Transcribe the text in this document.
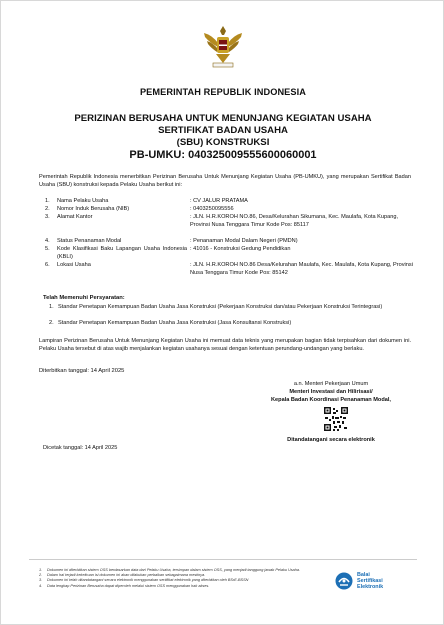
PEMERINTAH REPUBLIK INDONESIA
PERIZINAN BERUSAHA UNTUK MENUNJANG KEGIATAN USAHA
SERTIFIKAT BADAN USAHA
(SBU) KONSTRUKSI
PB-UMKU: 040325009555600060001
Pemerintah Republik Indonesia menerbitkan Perizinan Berusaha Untuk Menunjang Kegiatan Usaha (PB-UMKU), yang merupakan Sertifikat Badan Usaha (SBU) konstruksi kepada Pelaku Usaha berikut ini:
1.	Nama Pelaku Usaha	: CV JALUR PRATAMA
2.	Nomor Induk Berusaha (NIB)	: 0403250095556
3.	Alamat Kantor	: JLN. H.R.KOROH NO.86, Desa/Kelurahan Sikumana, Kec. Maulafa, Kota Kupang, Provinsi Nusa Tenggara Timur Kode Pos: 85117
4.	Status Penanaman Modal	: Penanaman Modal Dalam Negeri (PMDN)
5.	Kode Klasifikasi Baku Lapangan Usaha Indonesia (KBLI)
: 41016 - Konstruksi Gedung Pendidikan
6.	Lokasi Usaha	: JLN. H.R.KOROH NO.86 Desa/Kelurahan Maulafa, Kec. Maulafa, Kota Kupang, Provinsi Nusa Tenggara Timur Kode Pos: 85142
Telah Memenuhi Persyaratan:
1. Standar Penetapan Kemampuan Badan Usaha Jasa Konstruksi (Pekerjaan Konstruksi dan/atau Pekerjaan Konstruksi Terintegrasi)
2. Standar Penetapan Kemampuan Badan Usaha Jasa Konstruksi (Jasa Konsultansi Konstruksi)
Lampiran Perizinan Berusaha Untuk Menunjang Kegiatan Usaha ini memuat data teknis yang merupakan bagian tidak terpisahkan dari dokumen ini. Pelaku Usaha tersebut di atas wajib menjalankan kegiatan usahanya sesuai dengan ketentuan perundang-undangan yang berlaku.
Diterbitkan tanggal: 14 April 2025
a.n. Menteri Pekerjaan Umum
Menteri Investasi dan Hilirisasi/
Kepala Badan Koordinasi Penanaman Modal,
Ditandatangani secara elektronik
Dicetak tanggal: 14 April 2025
1. Dokumen ini diterbitkan sistem OSS berdasarkan data dari Pelaku Usaha, tersimpan dalam sistem OSS, yang menjadi tanggung jawab Pelaku Usaha.
2. Dalam hal terjadi kekeliruan isi dokumen ini akan dilakukan perbaikan sebagaimana mestinya.
3. Dokumen ini telah ditandatangani secara elektronik menggunakan sertifikat elektronik yang diterbitkan oleh BSrE-BSSN
4. Data lengkap Perizinan Berusaha dapat diperoleh melalui sistem OSS menggunakan hak akses.
Balai
Sertifikasi
Elektronik
